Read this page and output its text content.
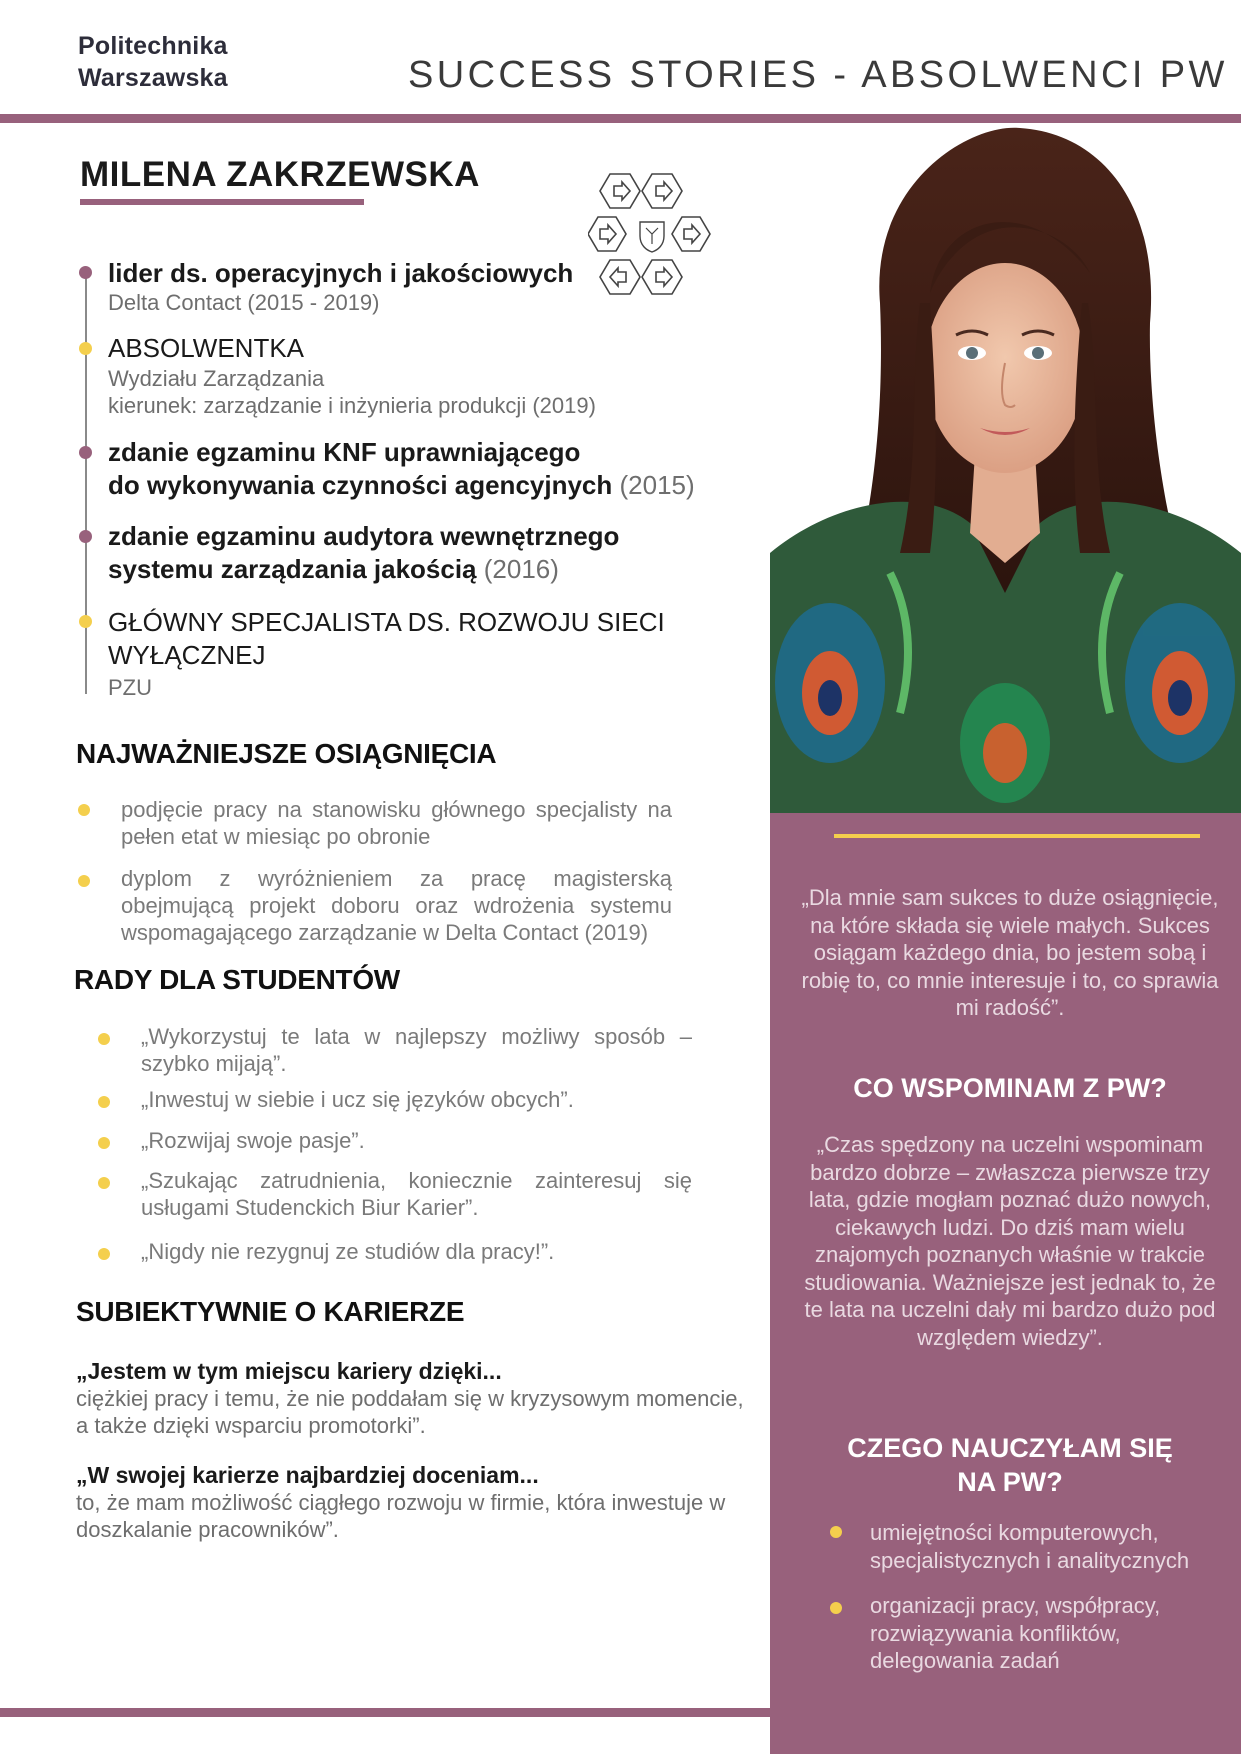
Politechnika
Warszawska	SUCCESS STORIES - ABSOLWENCI PW
MILENA ZAKRZEWSKA
lider ds. operacyjnych i jakościowych
Delta Contact (2015 - 2019)
ABSOLWENTKA
Wydziału Zarządzania
kierunek: zarządzanie i inżynieria produkcji (2019)
zdanie egzaminu KNF uprawniającego
do wykonywania czynności agencyjnych (2015)
zdanie egzaminu audytora wewnętrznego
systemu zarządzania jakością (2016)
GŁÓWNY SPECJALISTA DS. ROZWOJU SIECI WYŁĄCZNEJ
PZU
NAJWAŻNIEJSZE OSIĄGNIĘCIA
podjęcie pracy na stanowisku głównego specjalisty na pełen etat w miesiąc po obronie
dyplom z wyróżnieniem za pracę magisterską obejmującą projekt doboru oraz wdrożenia systemu wspomagającego zarządzanie w Delta Contact (2019)
RADY DLA STUDENTÓW
„Wykorzystuj te lata w najlepszy możliwy sposób – szybko mijają”.
„Inwestuj w siebie i ucz się języków obcych”.
„Rozwijaj swoje pasje”.
„Szukając zatrudnienia, koniecznie zainteresuj się usługami Studenckich Biur Karier”.
„Nigdy nie rezygnuj ze studiów dla pracy!”.
SUBIEKTYWNIE O KARIERZE
„Jestem w tym miejscu kariery dzięki...
ciężkiej pracy i temu, że nie poddałam się w kryzysowym momencie, a także dzięki wsparciu promotorki”.
„W swojej karierze najbardziej doceniam...
to, że mam możliwość ciągłego rozwoju w firmie, która inwestuje w doszkalanie pracowników”.
„Dla mnie sam sukces to duże osiągnięcie, na które składa się wiele małych. Sukces osiągam każdego dnia, bo jestem sobą i robię to, co mnie interesuje i to, co sprawia mi radość”.
CO WSPOMINAM Z PW?
„Czas spędzony na uczelni wspominam bardzo dobrze – zwłaszcza pierwsze trzy lata, gdzie mogłam poznać dużo nowych, ciekawych ludzi. Do dziś mam wielu znajomych poznanych właśnie w trakcie studiowania. Ważniejsze jest jednak to, że te lata na uczelni dały mi bardzo dużo pod względem wiedzy”.
CZEGO NAUCZYŁAM SIĘ
NA PW?
umiejętności komputerowych, specjalistycznych i analitycznych
organizacji pracy, współpracy, rozwiązywania konfliktów, delegowania zadań
